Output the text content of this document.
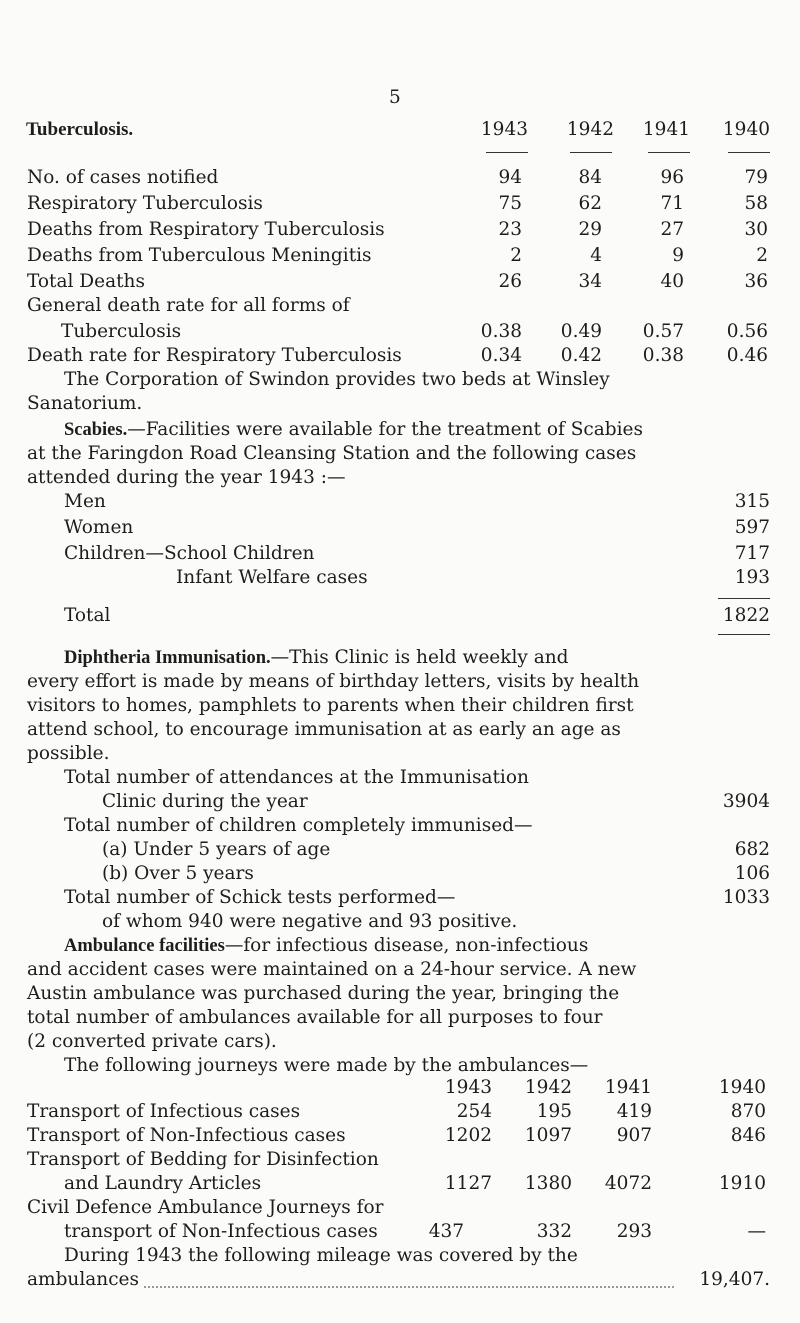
5
Tuberculosis.	1943	1942	1941	1940
No. of cases notified	94	84	96	79
Respiratory Tuberculosis	75	62	71	58
Deaths from Respiratory Tuberculosis	23	29	27	30
Deaths from Tuberculous Meningitis	2	4	9	2
Total Deaths	26	34	40	36
General death rate for all forms of
Tuberculosis	0.38	0.49	0.57	0.56
Death rate for Respiratory Tuberculosis	0.34	0.42	0.38	0.46
The Corporation of Swindon provides two beds at Winsley
Sanatorium.
Scabies.—Facilities were available for the treatment of Scabies
at the Faringdon Road Cleansing Station and the following cases
attended during the year 1943 :—
Men	315
Women	597
Children—School Children	717
Infant Welfare cases	193
Total	1822
Diphtheria Immunisation.—This Clinic is held weekly and
every effort is made by means of birthday letters, visits by health
visitors to homes, pamphlets to parents when their children first
attend school, to encourage immunisation at as early an age as
possible.
Total number of attendances at the Immunisation
Clinic during the year	3904
Total number of children completely immunised—
(a) Under 5 years of age	682
(b) Over 5 years	106
Total number of Schick tests performed—	1033
of whom 940 were negative and 93 positive.
Ambulance facilities—for infectious disease, non-infectious
and accident cases were maintained on a 24-hour service. A new
Austin ambulance was purchased during the year, bringing the
total number of ambulances available for all purposes to four
(2 converted private cars).
The following journeys were made by the ambulances—
1943	1942	1941	1940
Transport of Infectious cases	254	195	419	870
Transport of Non-Infectious cases	1202	1097	907	846
Transport of Bedding for Disinfection
and Laundry Articles	1127	1380	4072	1910
Civil Defence Ambulance Journeys for
transport of Non-Infectious cases	437	332	293	—
During 1943 the following mileage was covered by the
ambulances	19,407.
